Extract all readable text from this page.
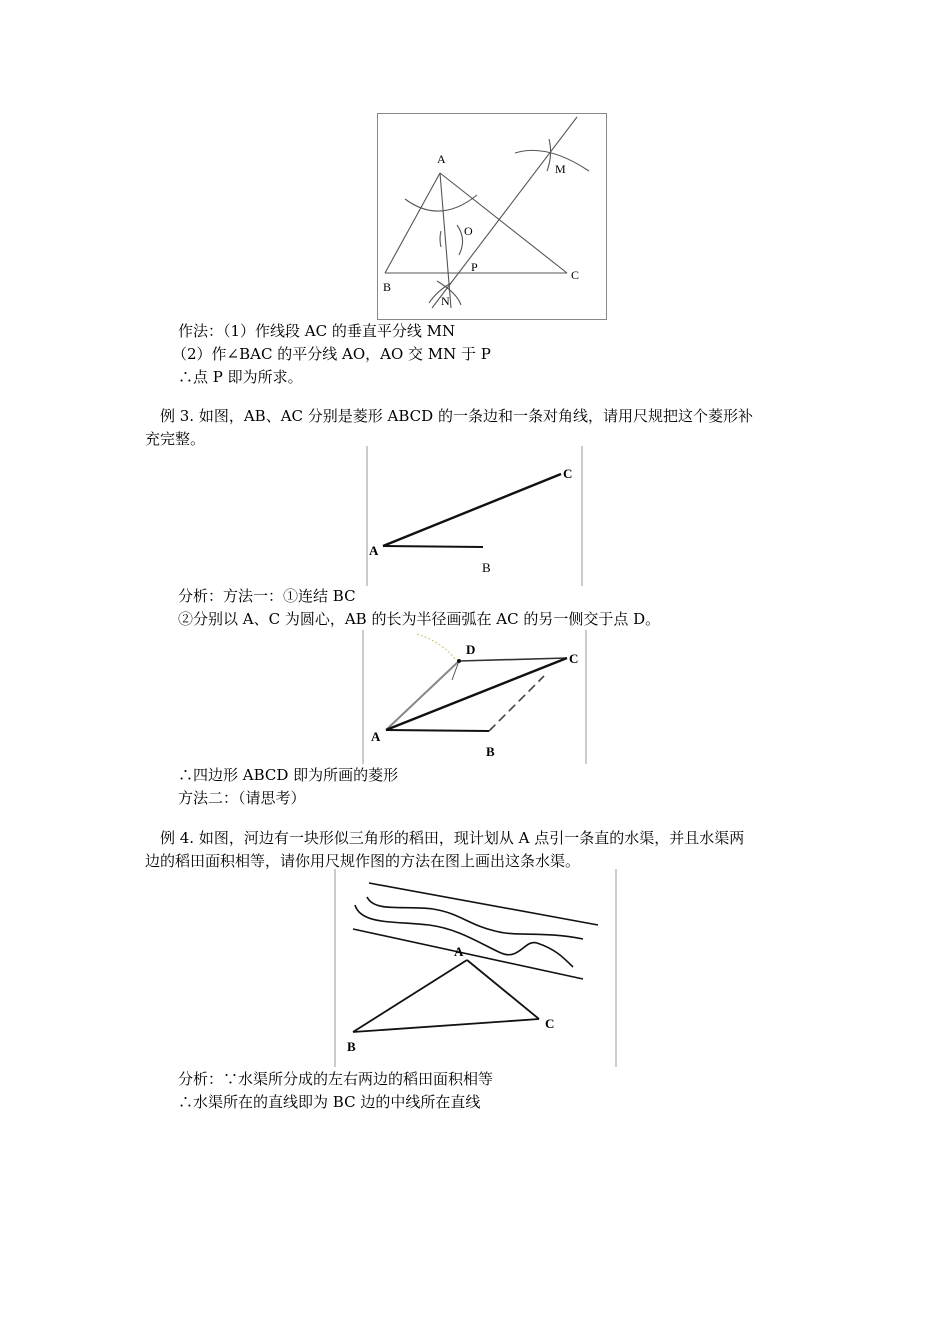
A
M
O
P
B
C
N
作法：（1）作线段 AC 的垂直平分线 MN
（2）作∠BAC 的平分线 AO，AO 交 MN 于 P
∴点 P 即为所求。
例 3. 如图，AB、AC 分别是菱形 ABCD 的一条边和一条对角线，请用尺规把这个菱形补
充完整。
C
A
B
分析：方法一：①连结 BC
②分别以 A、C 为圆心，AB 的长为半径画弧在 AC 的另一侧交于点 D。
D
C
A
B
∴四边形 ABCD 即为所画的菱形
方法二：（请思考）
例 4. 如图，河边有一块形似三角形的稻田，现计划从 A 点引一条直的水渠，并且水渠两
边的稻田面积相等，请你用尺规作图的方法在图上画出这条水渠。
A
C
B
分析：∵水渠所分成的左右两边的稻田面积相等
∴水渠所在的直线即为 BC 边的中线所在直线
